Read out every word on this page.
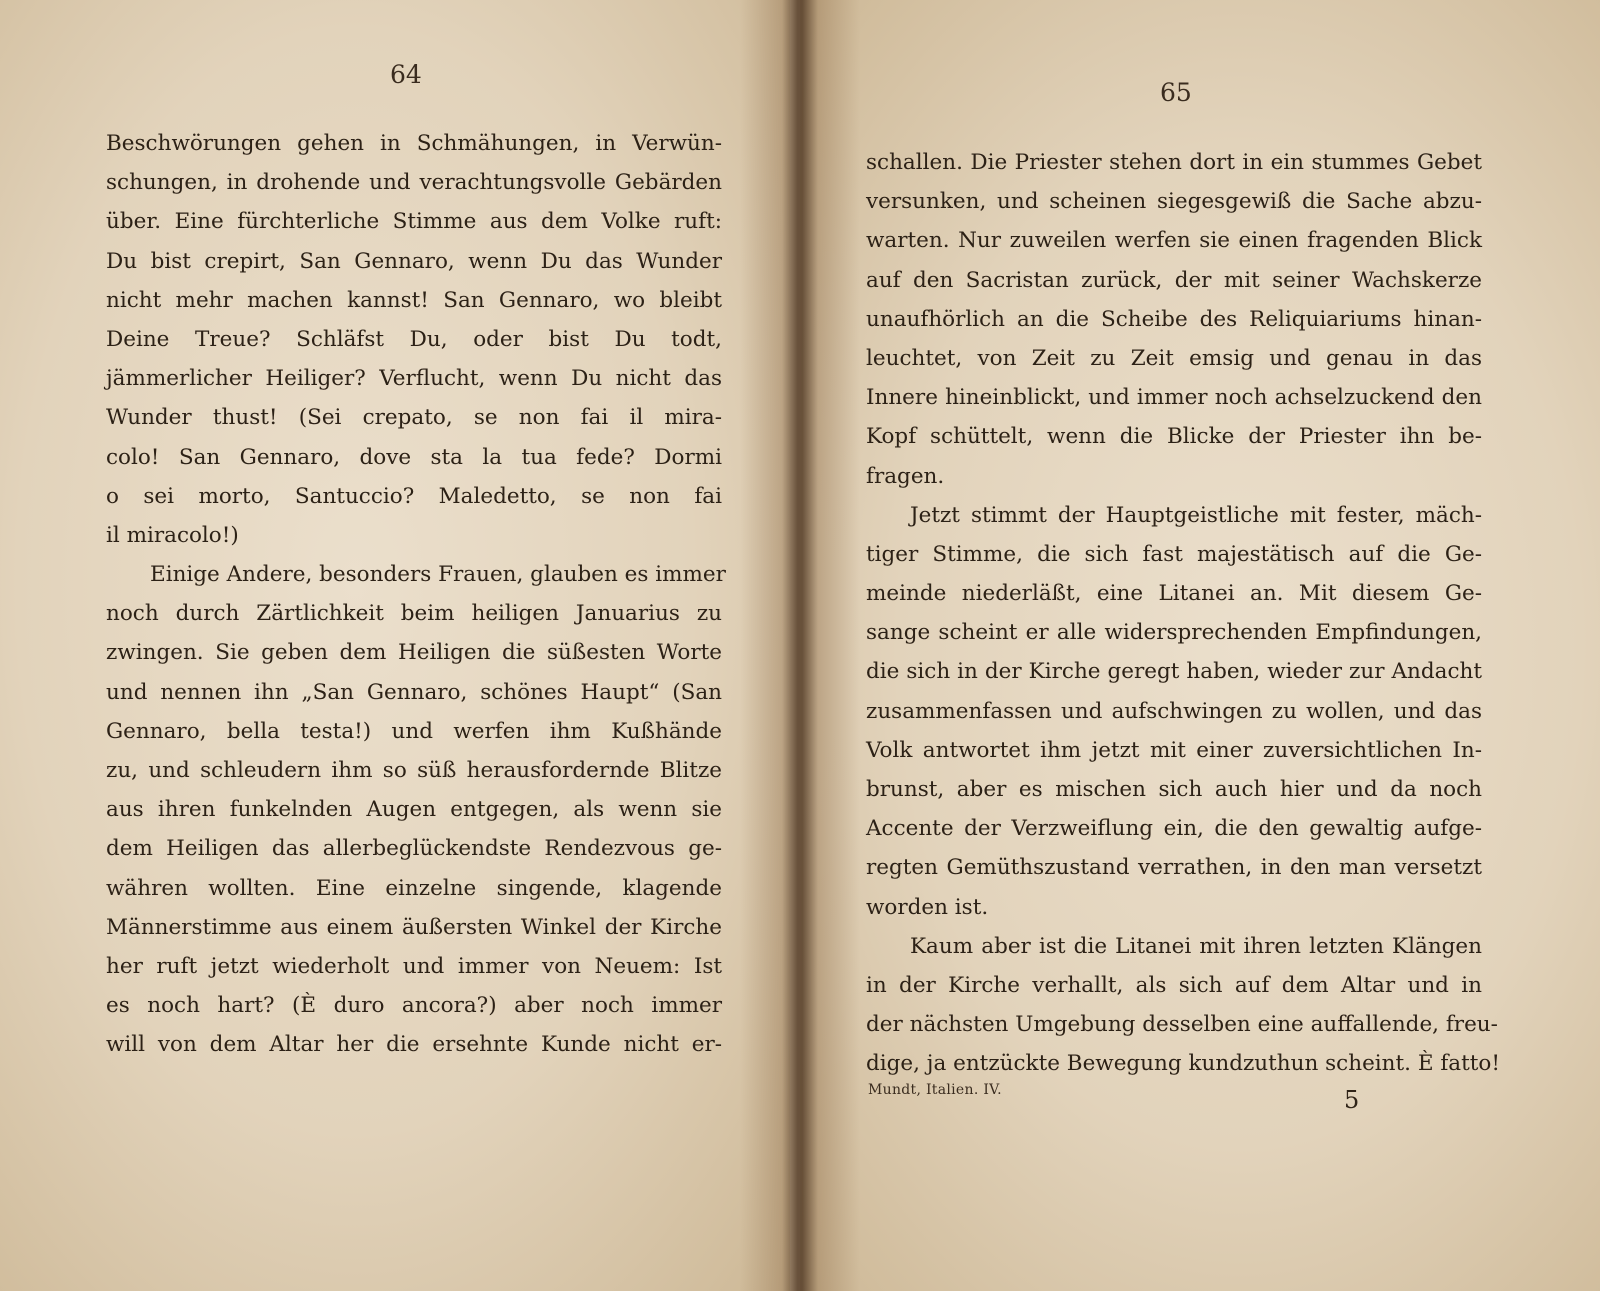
64
Beschwörungen gehen in Schmähungen, in Verwün-
schungen, in drohende und verachtungsvolle Gebärden
über. Eine fürchterliche Stimme aus dem Volke ruft:
Du bist crepirt, San Gennaro, wenn Du das Wunder
nicht mehr machen kannst! San Gennaro, wo bleibt
Deine Treue? Schläfst Du, oder bist Du todt,
jämmerlicher Heiliger? Verflucht, wenn Du nicht das
Wunder thust! (Sei crepato, se non fai il mira-
colo! San Gennaro, dove sta la tua fede? Dormi
o sei morto, Santuccio? Maledetto, se non fai
il miracolo!)
Einige Andere, besonders Frauen, glauben es immer
noch durch Zärtlichkeit beim heiligen Januarius zu
zwingen. Sie geben dem Heiligen die süßesten Worte
und nennen ihn „San Gennaro, schönes Haupt“ (San
Gennaro, bella testa!) und werfen ihm Kußhände
zu, und schleudern ihm so süß herausfordernde Blitze
aus ihren funkelnden Augen entgegen, als wenn sie
dem Heiligen das allerbeglückendste Rendezvous ge-
währen wollten. Eine einzelne singende, klagende
Männerstimme aus einem äußersten Winkel der Kirche
her ruft jetzt wiederholt und immer von Neuem: Ist
es noch hart? (È duro ancora?) aber noch immer
will von dem Altar her die ersehnte Kunde nicht er-
65
schallen. Die Priester stehen dort in ein stummes Gebet
versunken, und scheinen siegesgewiß die Sache abzu-
warten. Nur zuweilen werfen sie einen fragenden Blick
auf den Sacristan zurück, der mit seiner Wachskerze
unaufhörlich an die Scheibe des Reliquiariums hinan-
leuchtet, von Zeit zu Zeit emsig und genau in das
Innere hineinblickt, und immer noch achselzuckend den
Kopf schüttelt, wenn die Blicke der Priester ihn be-
fragen.
Jetzt stimmt der Hauptgeistliche mit fester, mäch-
tiger Stimme, die sich fast majestätisch auf die Ge-
meinde niederläßt, eine Litanei an. Mit diesem Ge-
sange scheint er alle widersprechenden Empfindungen,
die sich in der Kirche geregt haben, wieder zur Andacht
zusammenfassen und aufschwingen zu wollen, und das
Volk antwortet ihm jetzt mit einer zuversichtlichen In-
brunst, aber es mischen sich auch hier und da noch
Accente der Verzweiflung ein, die den gewaltig aufge-
regten Gemüthszustand verrathen, in den man versetzt
worden ist.
Kaum aber ist die Litanei mit ihren letzten Klängen
in der Kirche verhallt, als sich auf dem Altar und in
der nächsten Umgebung desselben eine auffallende, freu-
dige, ja entzückte Bewegung kundzuthun scheint. È fatto!
Mundt, Italien. IV.	5
